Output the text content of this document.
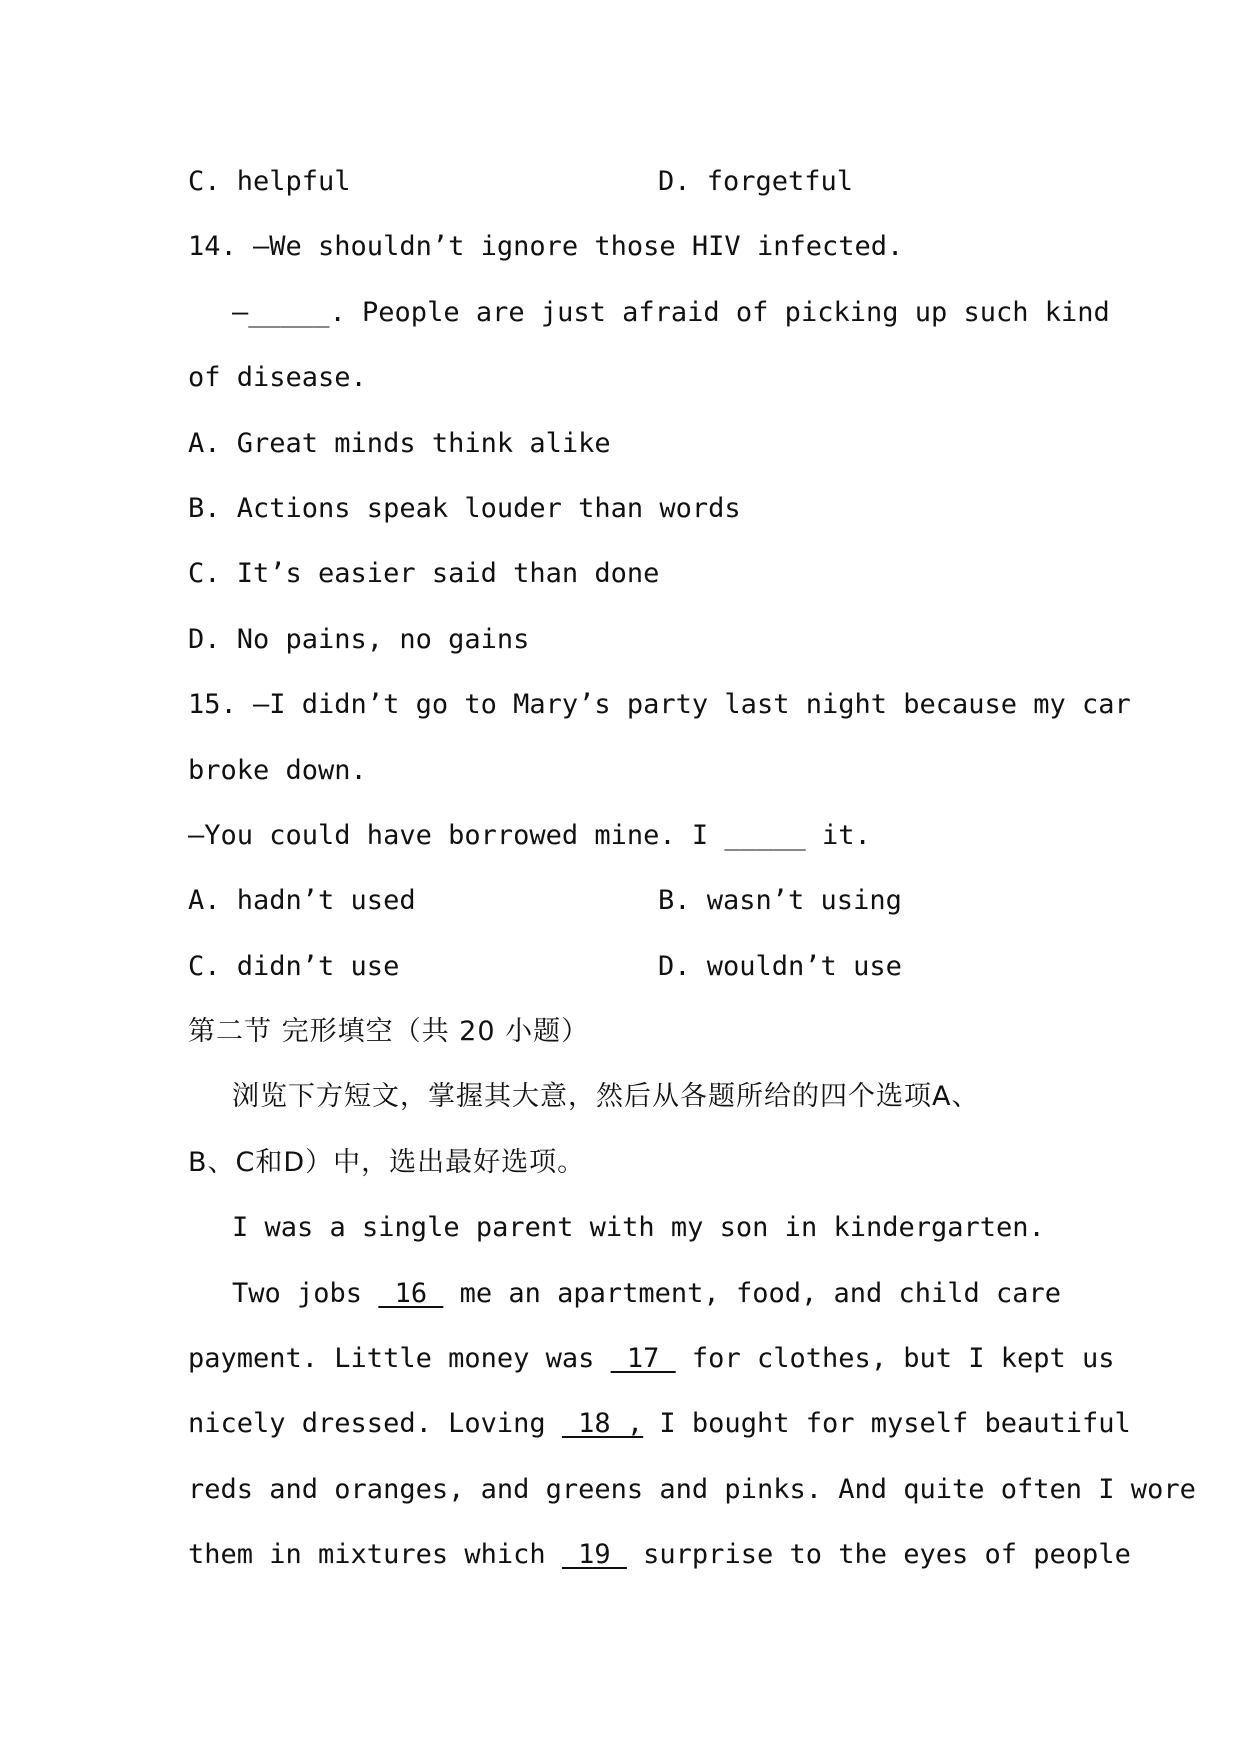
C. helpful	D. forgetful
14. —We shouldn’t ignore those HIV infected.
—_____. People are just afraid of picking up such kind
of disease.
A. Great minds think alike
B. Actions speak louder than words
C. It’s easier said than done
D. No pains, no gains
15. —I didn’t go to Mary’s party last night because my car
broke down.
—You could have borrowed mine. I _____ it.
A. hadn’t used	B. wasn’t using
C. didn’t use	D. wouldn’t use
第二节 完形填空（共 20 小题）
浏览下方短文，掌握其大意，然后从各题所给的四个选项A、
B、C和D）中，选出最好选项。
I was a single parent with my son in kindergarten.
Two jobs  16  me an apartment, food, and child care
payment. Little money was  17  for clothes, but I kept us
nicely dressed. Loving  18 , I bought for myself beautiful
reds and oranges, and greens and pinks. And quite often I wore
them in mixtures which  19  surprise to the eyes of people
